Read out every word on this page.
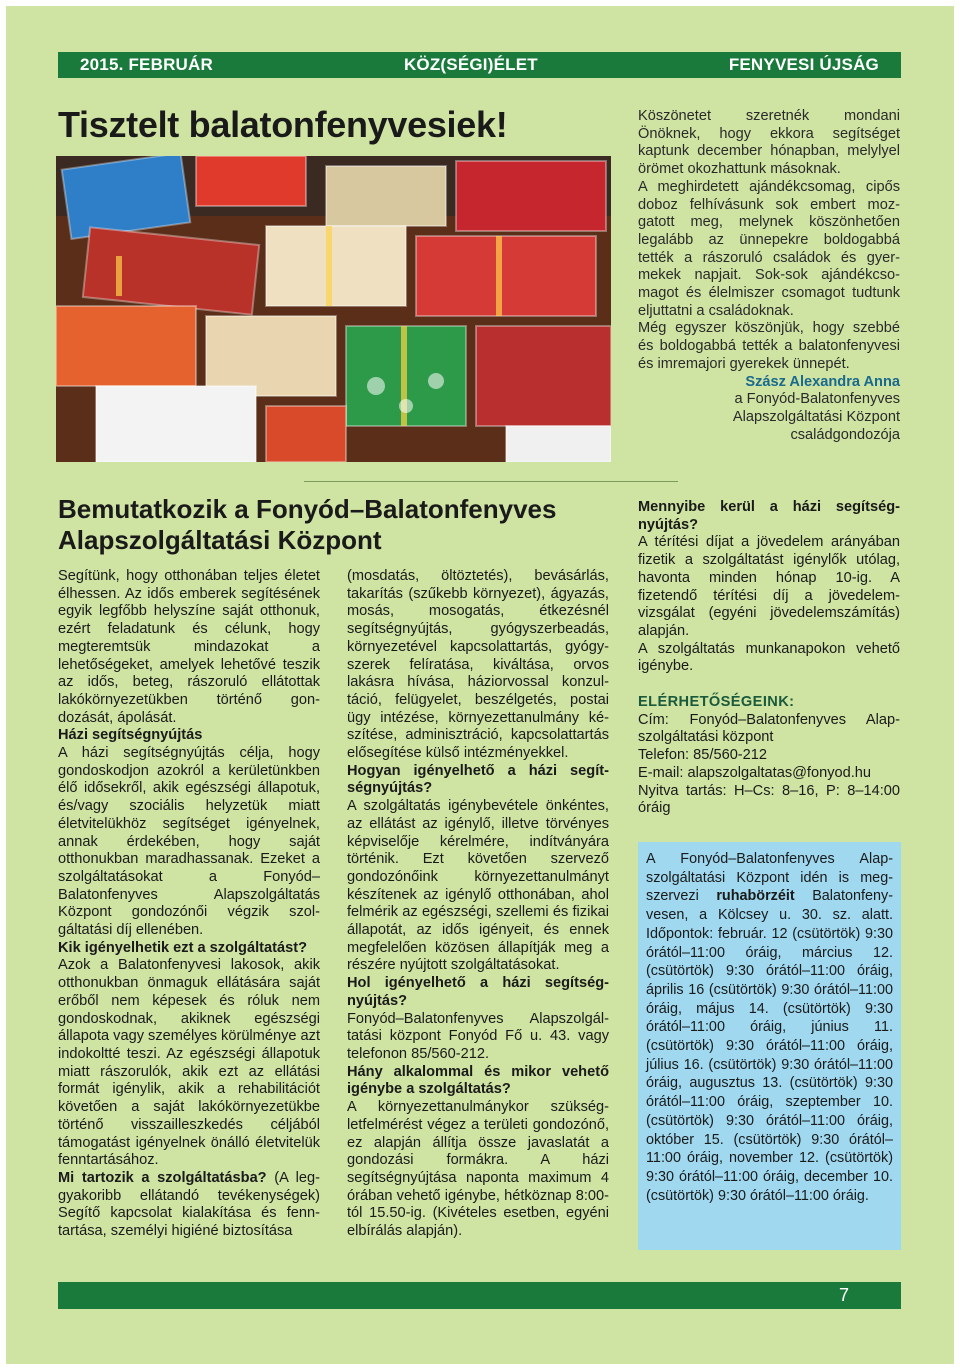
2015. FEBRUÁR	KÖZ(SÉGI)ÉLET	FENYVESI ÚJSÁG
Tisztelt balatonfenyvesiek!	Köszönetet szeretnék mondani Önöknek, hogy ekkora segítséget kaptunk december hónapban, melylyel örömet okozhattunk másoknak.

A meghirdetett ajándékcsomag, cipős doboz felhívásunk sok embert mozgatott meg, melynek köszönhetően legalább az ünnepekre boldogabbá tették a rászoruló családok és gyermekek napjait. Sok-sok ajándékcsomagot és élelmiszer csomagot tudtunk eljuttatni a családoknak.

Még egyszer köszönjük, hogy szebbé és boldogabbá tették a balatonfenyvesi és imremajori gyerekek ünnepét.

Szász Alexandra Anna
a Fonyód-Balatonfenyves
Alapszolgáltatási Központ
családgondozója
Bemutatkozik a Fonyód–Balatonfenyves Alapszolgáltatási Központ

Segítünk, hogy otthonában teljes életet élhessen. Az idős emberek segítésének egyik legfőbb helyszíne saját otthonuk, ezért feladatunk és célunk, hogy megteremtsük mindazokat a lehetőségeket, amelyek lehetővé teszik az idős, beteg, rászoruló ellátottak lakókörnyezetükben történő gondozását, ápolását.

Házi segítségnyújtás

A házi segítségnyújtás célja, hogy gondoskodjon azokról a kerületünkben élő idősekről, akik egészségi állapotuk, és/vagy szociális helyzetük miatt életvitelükhöz segítséget igényelnek, annak érdekében, hogy saját otthonukban maradhassanak. Ezeket a szolgáltatásokat a Fonyód–Balatonfenyves Alapszolgáltatás Központ gondozónői végzik szolgáltatási díj ellenében.

Kik igényelhetik ezt a szolgáltatást?

Azok a Balatonfenyvesi lakosok, akik otthonukban önmaguk ellátására saját erőből nem képesek és róluk nem gondoskodnak, akiknek egészségi állapota vagy személyes körülménye azt indokoltté teszi. Az egészségi állapotuk miatt rászorulók, akik ezt az ellátási formát igénylik, akik a rehabilitációt követően a saját lakókörnyezetükbe történő visszailleszkedés céljából támogatást igényelnek önálló életvitelük fenntartásához.

Mi tartozik a szolgáltatásba? (A leggyakoribb ellátandó tevékenységek) Segítő kapcsolat kialakítása és fenntartása, személyi higiéné biztosítása

(mosdatás, öltöztetés), bevásárlás, takarítás (szűkebb környezet), ágyazás, mosás, mosogatás, étkezésnél segítségnyújtás, gyógyszerbeadás, környezetével kapcsolattartás, gyógyszerek felíratása, kiváltása, orvos lakásra hívása, háziorvossal konzultáció, felügyelet, beszélgetés, postai ügy intézése, környezettanulmány készítése, adminisztráció, kapcsolattartás elősegítése külső intézményekkel.

Hogyan igényelhető a házi segítségnyújtás?

A szolgáltatás igénybevétele önkéntes, az ellátást az igénylő, illetve törvényes képviselője kérelmére, indítványára történik. Ezt követően szervező gondozónőink környezettanulmányt készítenek az igénylő otthonában, ahol felmérik az egészségi, szellemi és fizikai állapotát, az idős igényeit, és ennek megfelelően közösen állapítják meg a részére nyújtott szolgáltatásokat.

Hol igényelhető a házi segítségnyújtás?

Fonyód–Balatonfenyves Alapszolgáltatási központ Fonyód Fő u. 43. vagy telefonon 85/560-212.

Hány alkalommal és mikor vehető igénybe a szolgáltatás?

A környezettanulmánykor szükségletfelmérést végez a területi gondozónő, ez alapján állítja össze javaslatát a gondozási formákra. A házi segítségnyújtása naponta maximum 4 órában vehető igénybe, hétköznap 8:00-tól 15.50-ig. (Kivételes esetben, egyéni elbírálás alapján).

Mennyibe kerül a házi segítségnyújtás?

A térítési díjat a jövedelem arányában fizetik a szolgáltatást igénylők utólag, havonta minden hónap 10-ig. A fizetendő térítési díj a jövedelemvizsgálat (egyéni jövedelemszámítás) alapján.

A szolgáltatás munkanapokon vehető igénybe.

ELÉRHETŐSÉGEINK:

Cím: Fonyód–Balatonfenyves Alapszolgáltatási központ

Telefon: 85/560-212

E-mail: alapszolgaltatas@fonyod.hu

Nyitva tartás: H–Cs: 8–16, P: 8–14:00 óráig

A Fonyód–Balatonfenyves Alapszolgáltatási Központ idén is megszervezi ruhabörzéit Balatonfenyvesen, a Kölcsey u. 30. sz. alatt. Időpontok: február. 12 (csütörtök) 9:30 órától–11:00 óráig, március 12. (csütörtök) 9:30 órától–11:00 óráig, április 16 (csütörtök) 9:30 órától–11:00 óráig, május 14. (csütörtök) 9:30 órától–11:00 óráig, június 11. (csütörtök) 9:30 órától–11:00 óráig, július 16. (csütörtök) 9:30 órától–11:00 óráig, augusztus 13. (csütörtök) 9:30 órától–11:00 óráig, szeptember 10. (csütörtök) 9:30 órától–11:00 óráig, október 15. (csütörtök) 9:30 órától–11:00 óráig, november 12. (csütörtök) 9:30 órától–11:00 óráig, december 10. (csütörtök) 9:30 órától–11:00 óráig.

7
